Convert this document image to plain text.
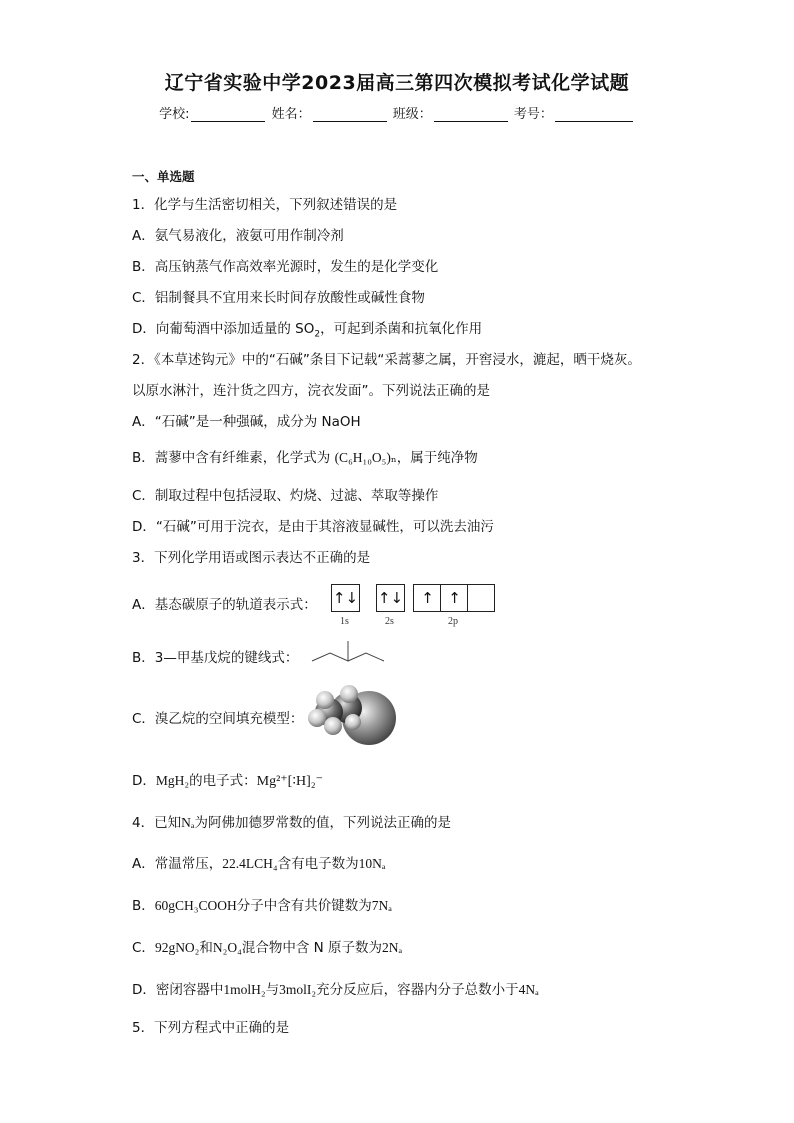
辽宁省实验中学2023届高三第四次模拟考试化学试题
学校:	姓名：	班级：	考号：
一、单选题
1．化学与生活密切相关，下列叙述错误的是
A．氨气易液化，液氨可用作制冷剂
B．高压钠蒸气作高效率光源时，发生的是化学变化
C．铝制餐具不宜用来长时间存放酸性或碱性食物
D．向葡萄酒中添加适量的 $SO_2$，可起到杀菌和抗氧化作用
2．《本草述钩元》中的“石碱”条目下记载“采蒿蓼之属，开窖浸水，漉起，晒干烧灰。
以原水淋汁，连汁货之四方，浣衣发面”。下列说法正确的是
A．“石碱”是一种强碱，成分为 NaOH
B．蒿蓼中含有纤维素，化学式为 (C₆H₁₀O₅)ₙ，属于纯净物
C．制取过程中包括浸取、灼烧、过滤、萃取等操作
D．“石碱”可用于浣衣，是由于其溶液显碱性，可以洗去油污
3．下列化学用语或图示表达不正确的是
A．基态碳原子的轨道表示式： ↑↓ ↑↓	↑ ↑
1s	2s	2p
B．3—甲基戊烷的键线式：
C．溴乙烷的空间填充模型：
D．MgH₂的电子式：Mg²⁺[∶H]₂⁻
4．已知Nₐ为阿佛加德罗常数的值，下列说法正确的是
A．常温常压，22.4LCH₄含有电子数为10Nₐ
B．60gCH₃COOH分子中含有共价键数为7Nₐ
C．92gNO₂和N₂O₄混合物中含 N 原子数为2Nₐ
D．密闭容器中1molH₂与3molI₂充分反应后，容器内分子总数小于4Nₐ
5．下列方程式中正确的是
